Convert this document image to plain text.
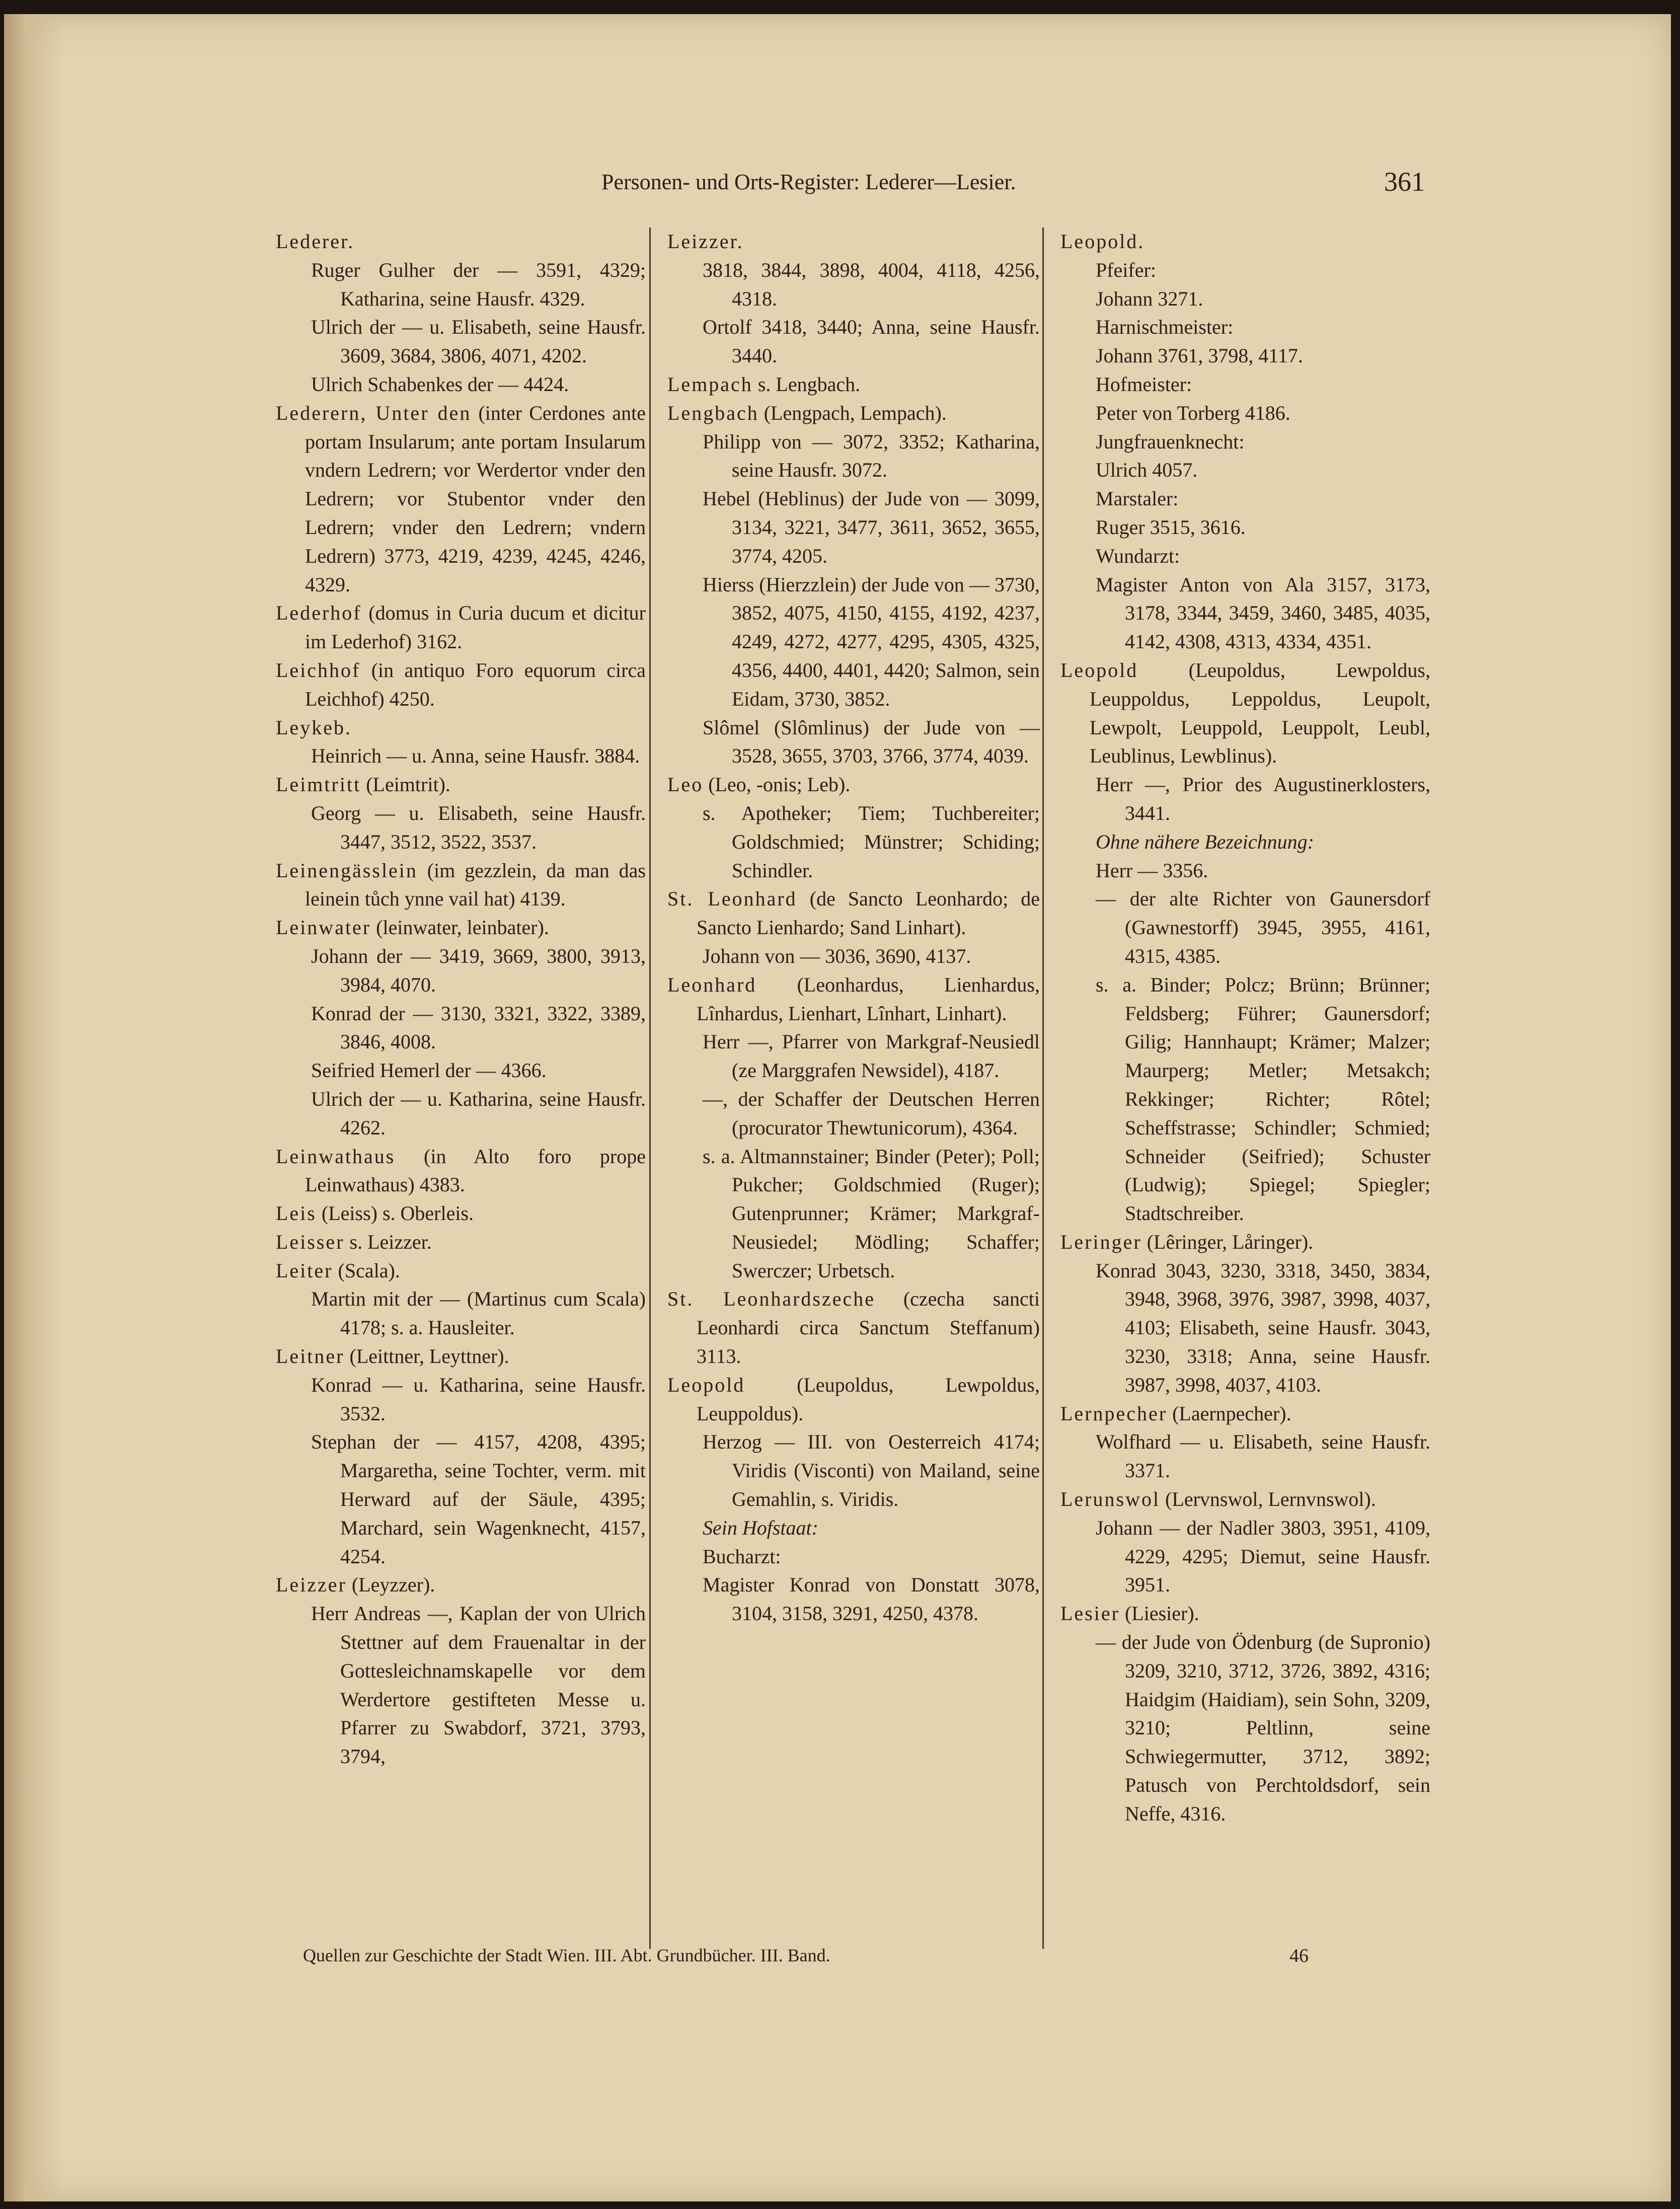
Personen- und Orts-Register: Lederer—Lesier.	361

Lederer.

Ruger Gulher der — 3591, 4329; Katharina, seine Hausfr. 4329.

Ulrich der — u. Elisabeth, seine Hausfr. 3609, 3684, 3806, 4071, 4202.

Ulrich Schabenkes der — 4424.

Lederern, Unter den (inter Cerdones ante portam Insularum; ante portam Insularum vndern Ledrern; vor Werdertor vnder den Ledrern; vor Stubentor vnder den Ledrern; vnder den Ledrern; vndern Ledrern) 3773, 4219, 4239, 4245, 4246, 4329.

Lederhof (domus in Curia ducum et dicitur im Lederhof) 3162.

Leichhof (in antiquo Foro equorum circa Leichhof) 4250.

Leykeb.

Heinrich — u. Anna, seine Hausfr. 3884.

Leimtritt (Leimtrit).

Georg — u. Elisabeth, seine Hausfr. 3447, 3512, 3522, 3537.

Leinengässlein (im gezzlein, da man das leinein tůch ynne vail hat) 4139.

Leinwater (leinwater, leinbater).

Johann der — 3419, 3669, 3800, 3913, 3984, 4070.

Konrad der — 3130, 3321, 3322, 3389, 3846, 4008.

Seifried Hemerl der — 4366.

Ulrich der — u. Katharina, seine Hausfr. 4262.

Leinwathaus (in Alto foro prope Leinwathaus) 4383.

Leis (Leiss) s. Oberleis.

Leisser s. Leizzer.

Leiter (Scala).

Martin mit der — (Martinus cum Scala) 4178; s. a. Hausleiter.

Leitner (Leittner, Leyttner).

Konrad — u. Katharina, seine Hausfr. 3532.

Stephan der — 4157, 4208, 4395; Margaretha, seine Tochter, verm. mit Herward auf der Säule, 4395; Marchard, sein Wagenknecht, 4157, 4254.

Leizzer (Leyzzer).

Herr Andreas —, Kaplan der von Ulrich Stettner auf dem Frauenaltar in der Gottesleichnamskapelle vor dem Werdertore gestifteten Messe u. Pfarrer zu Swabdorf, 3721, 3793, 3794,

Leizzer.

3818, 3844, 3898, 4004, 4118, 4256, 4318.

Ortolf 3418, 3440; Anna, seine Hausfr. 3440.

Lempach s. Lengbach.

Lengbach (Lengpach, Lempach).

Philipp von — 3072, 3352; Katharina, seine Hausfr. 3072.

Hebel (Heblinus) der Jude von — 3099, 3134, 3221, 3477, 3611, 3652, 3655, 3774, 4205.

Hierss (Hierzzlein) der Jude von — 3730, 3852, 4075, 4150, 4155, 4192, 4237, 4249, 4272, 4277, 4295, 4305, 4325, 4356, 4400, 4401, 4420; Salmon, sein Eidam, 3730, 3852.

Slômel (Slômlinus) der Jude von — 3528, 3655, 3703, 3766, 3774, 4039.

Leo (Leo, -onis; Leb).

s. Apotheker; Tiem; Tuchbereiter; Goldschmied; Münstrer; Schiding; Schindler.

St. Leonhard (de Sancto Leonhardo; de Sancto Lienhardo; Sand Linhart).

Johann von — 3036, 3690, 4137.

Leonhard (Leonhardus, Lienhardus, Lînhardus, Lienhart, Lînhart, Linhart).

Herr —, Pfarrer von Markgraf-Neusiedl (ze Marggrafen Newsidel), 4187.

—, der Schaffer der Deutschen Herren (procurator Thewtunicorum), 4364.

s. a. Altmannstainer; Binder (Peter); Poll; Pukcher; Goldschmied (Ruger); Gutenprunner; Krämer; Markgraf-Neusiedel; Mödling; Schaffer; Swerczer; Urbetsch.

St. Leonhardszeche (czecha sancti Leonhardi circa Sanctum Steffanum) 3113.

Leopold (Leupoldus, Lewpoldus, Leuppoldus).

Herzog — III. von Oesterreich 4174; Viridis (Visconti) von Mailand, seine Gemahlin, s. Viridis.

Sein Hofstaat:

Bucharzt:

Magister Konrad von Donstatt 3078, 3104, 3158, 3291, 4250, 4378.

Leopold.

Pfeifer:

Johann 3271.

Harnischmeister:

Johann 3761, 3798, 4117.

Hofmeister:

Peter von Torberg 4186.

Jungfrauenknecht:

Ulrich 4057.

Marstaler:

Ruger 3515, 3616.

Wundarzt:

Magister Anton von Ala 3157, 3173, 3178, 3344, 3459, 3460, 3485, 4035, 4142, 4308, 4313, 4334, 4351.

Leopold (Leupoldus, Lewpoldus, Leuppoldus, Leppoldus, Leupolt, Lewpolt, Leuppold, Leuppolt, Leubl, Leublinus, Lewblinus).

Herr —, Prior des Augustinerklosters, 3441.

Ohne nähere Bezeichnung:

Herr — 3356.

— der alte Richter von Gaunersdorf (Gawnestorff) 3945, 3955, 4161, 4315, 4385.

s. a. Binder; Polcz; Brünn; Brünner; Feldsberg; Führer; Gaunersdorf; Gilig; Hannhaupt; Krämer; Malzer; Maurperg; Metler; Metsakch; Rekkinger; Richter; Rôtel; Scheffstrasse; Schindler; Schmied; Schneider (Seifried); Schuster (Ludwig); Spiegel; Spiegler; Stadtschreiber.

Leringer (Lêringer, Låringer).

Konrad 3043, 3230, 3318, 3450, 3834, 3948, 3968, 3976, 3987, 3998, 4037, 4103; Elisabeth, seine Hausfr. 3043, 3230, 3318; Anna, seine Hausfr. 3987, 3998, 4037, 4103.

Lernpecher (Laernpecher).

Wolfhard — u. Elisabeth, seine Hausfr. 3371.

Lerunswol (Lervnswol, Lernvnswol).

Johann — der Nadler 3803, 3951, 4109, 4229, 4295; Diemut, seine Hausfr. 3951.

Lesier (Liesier).

— der Jude von Ödenburg (de Supronio) 3209, 3210, 3712, 3726, 3892, 4316; Haidgim (Haidiam), sein Sohn, 3209, 3210; Peltlinn, seine Schwiegermutter, 3712, 3892; Patusch von Perchtoldsdorf, sein Neffe, 4316.

Quellen zur Geschichte der Stadt Wien. III. Abt. Grundbücher. III. Band.	46
